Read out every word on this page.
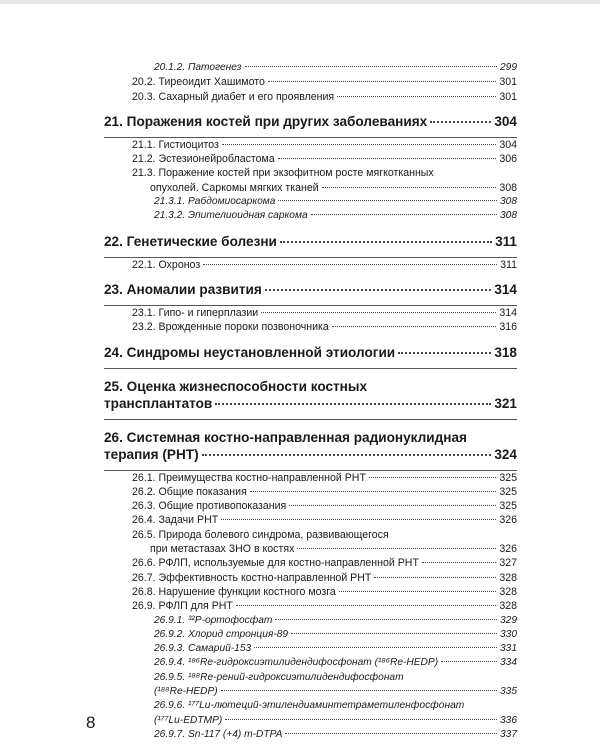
20.1.2. Патогенез	299
20.2. Тиреоидит Хашимото	301
20.3. Сахарный диабет и его проявления	301
21. Поражения костей при других заболеваниях	304
21.1. Гистиоцитоз	304
21.2. Эстезионейробластома	306
21.3. Поражение костей при экзофитном росте мягкотканных
опухолей. Саркомы мягких тканей	308
21.3.1. Рабдомиосаркома	308
21.3.2. Эпителиоидная саркома	308
22. Генетические болезни	311
22.1. Охроноз	311
23. Аномалии развития	314
23.1. Гипо- и гиперплазии	314
23.2. Врожденные пороки позвоночника	316
24. Синдромы неустановленной этиологии	318
25. Оценка жизнеспособности костных
трансплантатов	321
26. Системная костно-направленная радионуклидная
терапия (РНТ)	324
26.1. Преимущества костно-направленной РНТ	325
26.2. Общие показания	325
26.3. Общие противопоказания	325
26.4. Задачи РНТ	326
26.5. Природа болевого синдрома, развивающегося
при метастазах ЗНО в костях	326
26.6. РФЛП, используемые для костно-направленной РНТ	327
26.7. Эффективность костно-направленной РНТ	328
26.8. Нарушение функции костного мозга	328
26.9. РФЛП для РНТ	328
26.9.1. ³²P-ортофосфат	329
26.9.2. Хлорид стронция-89	330
26.9.3. Самарий-153	331
26.9.4. ¹⁸⁶Re-гидроксиэтилидендифосфонат (¹⁸⁶Re-HEDP)	334
26.9.5. ¹⁸⁸Re-рений-гидроксиэтилидендифосфонат
(¹⁸⁸Re-HEDP)	335
26.9.6. ¹⁷⁷Lu-лютеций-этилендиаминтетраметиленфосфонат
(¹⁷⁷Lu-EDTMP)	336
26.9.7. Sn-117 (+4) m-DTPA	337
8
